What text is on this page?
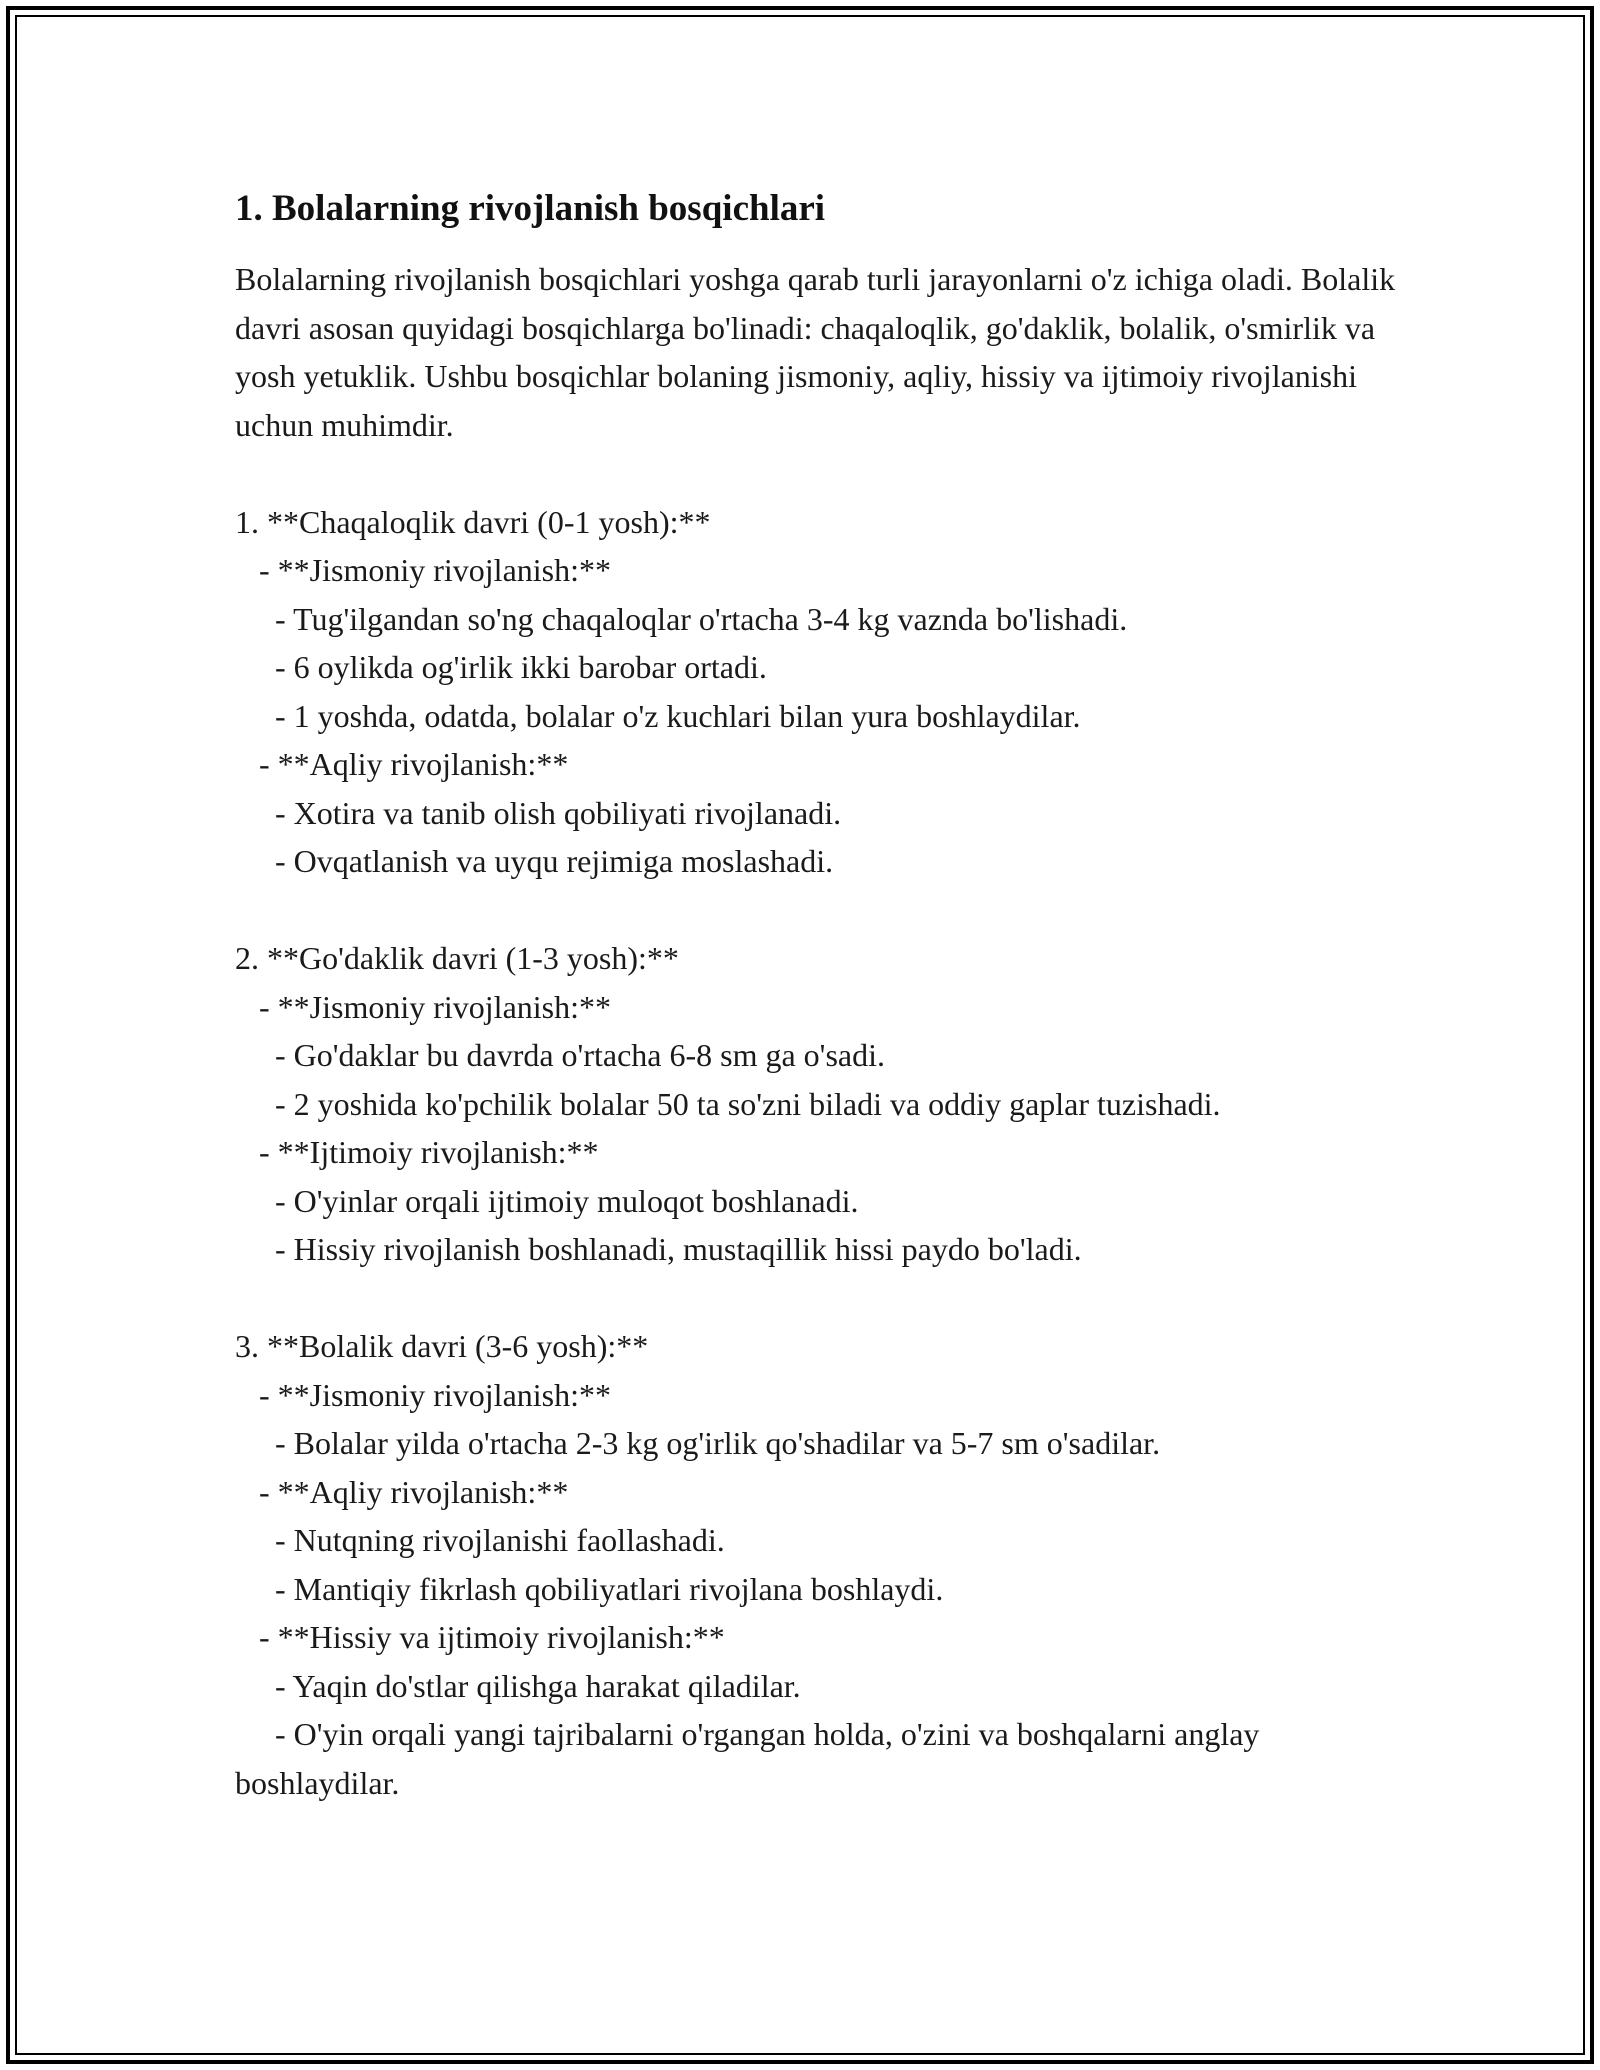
1. Bolalarning rivojlanish bosqichlari

Bolalarning rivojlanish bosqichlari yoshga qarab turli jarayonlarni o'z ichiga oladi. Bolalik davri asosan quyidagi bosqichlarga bo'linadi: chaqaloqlik, go'daklik, bolalik, o'smirlik va yosh yetuklik. Ushbu bosqichlar bolaning jismoniy, aqliy, hissiy va ijtimoiy rivojlanishi uchun muhimdir.

1. **Chaqaloqlik davri (0-1 yosh):**
- **Jismoniy rivojlanish:**
- Tug'ilgandan so'ng chaqaloqlar o'rtacha 3-4 kg vaznda bo'lishadi.
- 6 oylikda og'irlik ikki barobar ortadi.
- 1 yoshda, odatda, bolalar o'z kuchlari bilan yura boshlaydilar.
- **Aqliy rivojlanish:**
- Xotira va tanib olish qobiliyati rivojlanadi.
- Ovqatlanish va uyqu rejimiga moslashadi.
2. **Go'daklik davri (1-3 yosh):**
- **Jismoniy rivojlanish:**
- Go'daklar bu davrda o'rtacha 6-8 sm ga o'sadi.
- 2 yoshida ko'pchilik bolalar 50 ta so'zni biladi va oddiy gaplar tuzishadi.
- **Ijtimoiy rivojlanish:**
- O'yinlar orqali ijtimoiy muloqot boshlanadi.
- Hissiy rivojlanish boshlanadi, mustaqillik hissi paydo bo'ladi.
3. **Bolalik davri (3-6 yosh):**
- **Jismoniy rivojlanish:**
- Bolalar yilda o'rtacha 2-3 kg og'irlik qo'shadilar va 5-7 sm o'sadilar.
- **Aqliy rivojlanish:**
- Nutqning rivojlanishi faollashadi.
- Mantiqiy fikrlash qobiliyatlari rivojlana boshlaydi.
- **Hissiy va ijtimoiy rivojlanish:**
- Yaqin do'stlar qilishga harakat qiladilar.
- O'yin orqali yangi tajribalarni o'rgangan holda, o'zini va boshqalarni anglay boshlaydilar.
